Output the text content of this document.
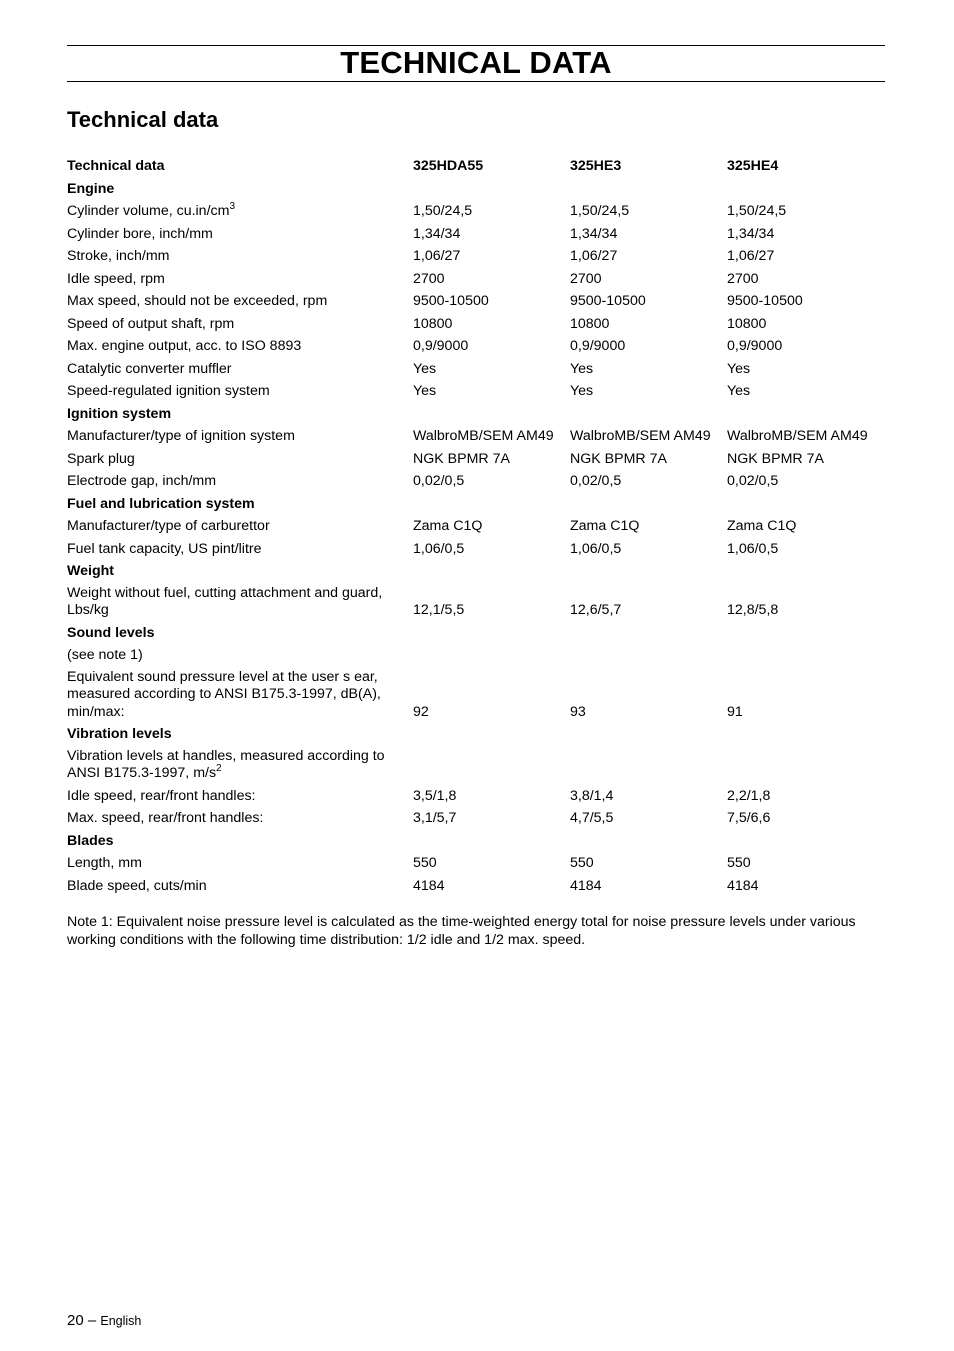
TECHNICAL DATA
Technical data
Technical data	325HDA55	325HE3	325HE4
Engine
Cylinder volume, $cu.in/cm^3$	1,50/24,5	1,50/24,5	1,50/24,5
Cylinder bore, inch/mm	1,34/34	1,34/34	1,34/34
Stroke, inch/mm	1,06/27	1,06/27	1,06/27
Idle speed, rpm	2700	2700	2700
Max speed, should not be exceeded, rpm	9500-10500	9500-10500	9500-10500
Speed of output shaft, rpm	10800	10800	10800
Max. engine output, acc. to ISO 8893	0,9/9000	0,9/9000	0,9/9000
Catalytic converter muffler	Yes	Yes	Yes
Speed-regulated ignition system	Yes	Yes	Yes
Ignition system
Manufacturer/type of ignition system	WalbroMB/SEM AM49	WalbroMB/SEM AM49	WalbroMB/SEM AM49
Spark plug	NGK BPMR 7A	NGK BPMR 7A	NGK BPMR 7A
Electrode gap, inch/mm	0,02/0,5	0,02/0,5	0,02/0,5
Fuel and lubrication system
Manufacturer/type of carburettor	Zama C1Q	Zama C1Q	Zama C1Q
Fuel tank capacity, US pint/litre	1,06/0,5	1,06/0,5	1,06/0,5
Weight
Weight without fuel, cutting attachment and guard, Lbs/kg	12,1/5,5	12,6/5,7	12,8/5,8
Sound levels
(see note 1)
Equivalent sound pressure level at the user s ear, measured according to ANSI B175.3-1997, dB(A), min/max:	92	93	91
Vibration levels
Vibration levels at handles, measured according to ANSI B175.3-1997, $m/s^2$
Idle speed, rear/front handles:	3,5/1,8	3,8/1,4	2,2/1,8
Max. speed, rear/front handles:	3,1/5,7	4,7/5,5	7,5/6,6
Blades
Length, mm	550	550	550
Blade speed, cuts/min	4184	4184	4184
Note 1: Equivalent noise pressure level is calculated as the time-weighted energy total for noise pressure levels under various working conditions with the following time distribution: 1/2 idle and 1/2 max. speed.
20 – English
